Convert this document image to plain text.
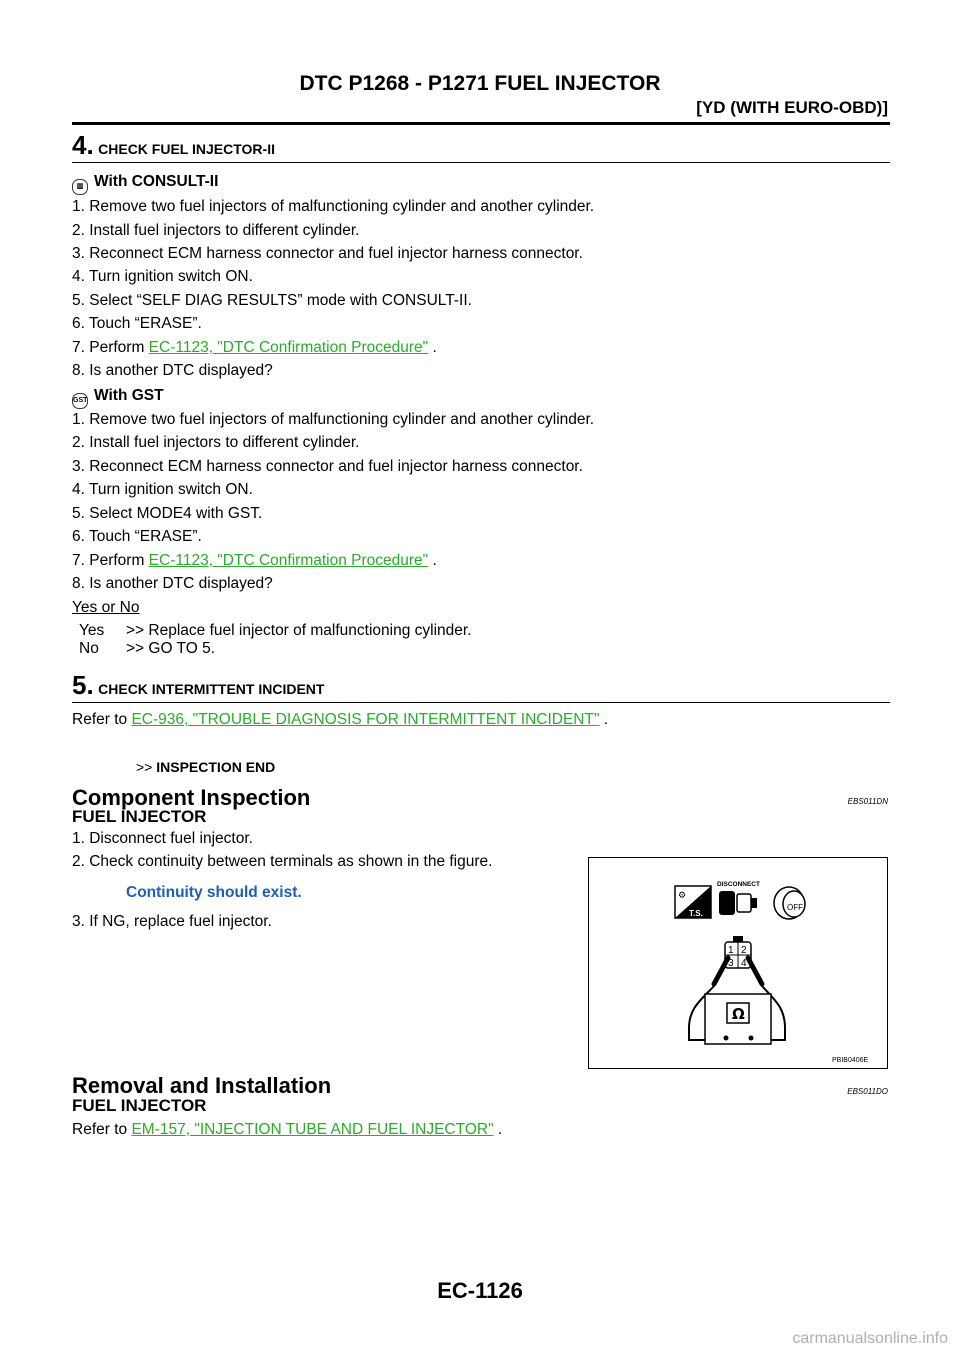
DTC P1268 - P1271 FUEL INJECTOR
[YD (WITH EURO-OBD)]
4. CHECK FUEL INJECTOR-II
▥ With CONSULT-II
1. Remove two fuel injectors of malfunctioning cylinder and another cylinder.
2. Install fuel injectors to different cylinder.
3. Reconnect ECM harness connector and fuel injector harness connector.
4. Turn ignition switch ON.
5. Select “SELF DIAG RESULTS” mode with CONSULT-II.
6. Touch “ERASE”.
7. Perform EC-1123, "DTC Confirmation Procedure" .
8. Is another DTC displayed?
GST With GST
1. Remove two fuel injectors of malfunctioning cylinder and another cylinder.
2. Install fuel injectors to different cylinder.
3. Reconnect ECM harness connector and fuel injector harness connector.
4. Turn ignition switch ON.
5. Select MODE4 with GST.
6. Touch “ERASE”.
7. Perform EC-1123, "DTC Confirmation Procedure" .
8. Is another DTC displayed?
Yes or No
Yes >> Replace fuel injector of malfunctioning cylinder.
No >> GO TO 5.
5. CHECK INTERMITTENT INCIDENT
Refer to EC-936, "TROUBLE DIAGNOSIS FOR INTERMITTENT INCIDENT" .
>> INSPECTION END
Component Inspection	EBS011DN
FUEL INJECTOR
1. Disconnect fuel injector.
2. Check continuity between terminals as shown in the figure.
Continuity should exist.
3. If NG, replace fuel injector.
⚙
T.S.
DISCONNECT
OFF
1 2
3 4
Ω
PBIB0406E
Removal and Installation	EBS011DO
FUEL INJECTOR
Refer to EM-157, "INJECTION TUBE AND FUEL INJECTOR" .
EC-1126
carmanualsonline.info
